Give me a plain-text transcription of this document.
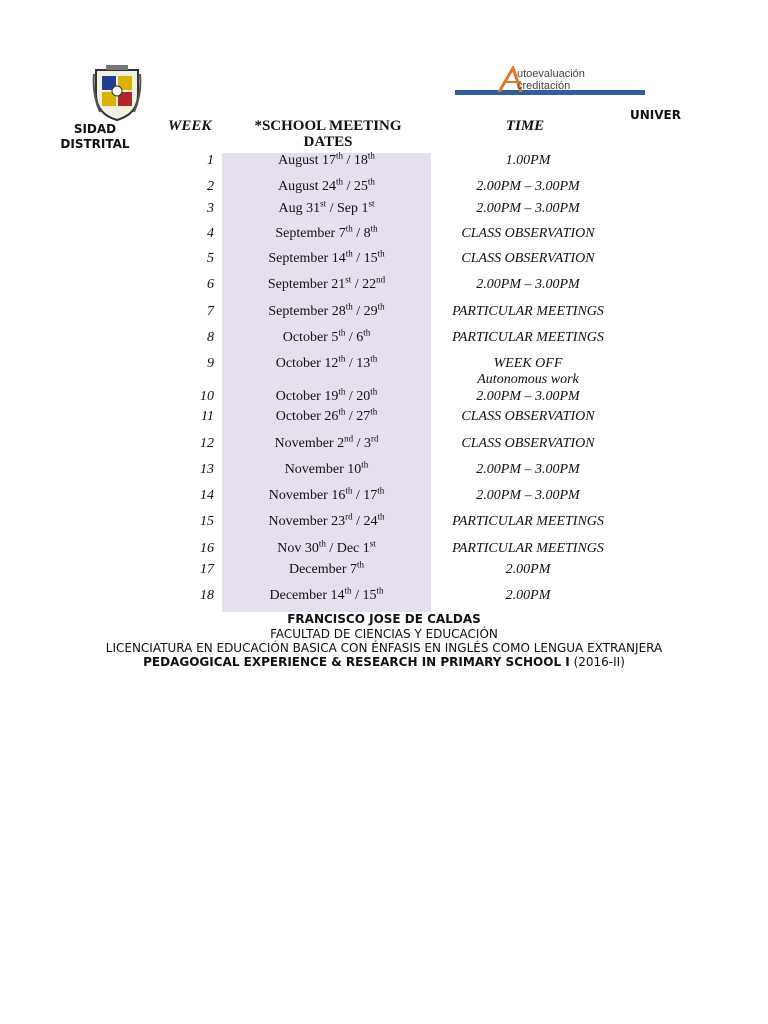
utoevaluación
creditación
UNIVER
SIDAD
DISTRITAL
WEEK	*SCHOOL MEETING
DATES
TIME
1	August 17th / 18th	1.00PM
2	August 24th / 25th	2.00PM – 3.00PM
3	Aug 31st / Sep 1st	2.00PM – 3.00PM
4	September 7th / 8th	CLASS OBSERVATION
5	September 14th / 15th	CLASS OBSERVATION
6	September 21st / 22nd	2.00PM – 3.00PM
7	September 28th / 29th	PARTICULAR MEETINGS
8	October 5th / 6th	PARTICULAR MEETINGS
9	October 12th / 13th	WEEK OFF
Autonomous work
10	October 19th / 20th	2.00PM – 3.00PM
11	October 26th / 27th	CLASS OBSERVATION
12	November 2nd / 3rd	CLASS OBSERVATION
13	November 10th	2.00PM – 3.00PM
14	November 16th / 17th	2.00PM – 3.00PM
15	November 23rd / 24th	PARTICULAR MEETINGS
16	Nov 30th / Dec 1st	PARTICULAR MEETINGS
17	December 7th	2.00PM
18	December 14th / 15th	2.00PM
FRANCISCO JOSE DE CALDAS
FACULTAD DE CIENCIAS Y EDUCACIÓN
LICENCIATURA EN EDUCACIÓN BASICA CON ÉNFASIS EN INGLÉS COMO LENGUA EXTRANJERA
PEDAGOGICAL EXPERIENCE & RESEARCH IN PRIMARY SCHOOL I (2016-II)
